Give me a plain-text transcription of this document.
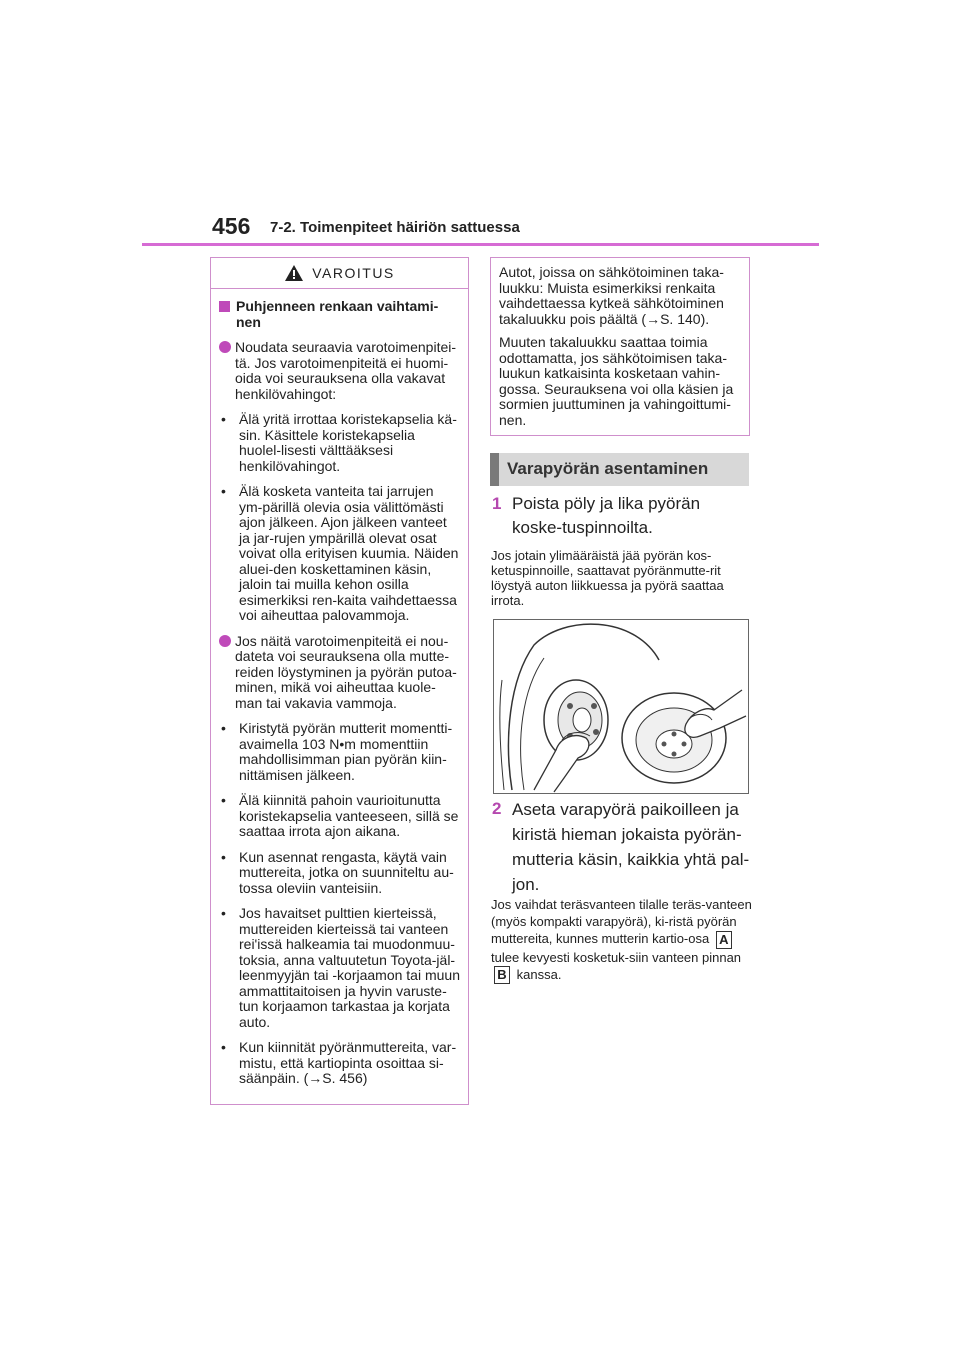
456 7-2. Toimenpiteet häiriön sattuessa
VAROITUS
Puhjenneen renkaan vaihtami-nen
Noudata seuraavia varotoimenpitei-tä. Jos varotoimenpiteitä ei huomi-oida voi seurauksena olla vakavat henkilövahingot:
• Älä yritä irrottaa koristekapselia kä-sin. Käsittele koristekapselia huolel-lisesti välttääksesi henkilövahingot.
• Älä kosketa vanteita tai jarrujen ym-pärillä olevia osia välittömästi ajon jälkeen. Ajon jälkeen vanteet ja jar-rujen ympärillä olevat osat voivat olla erityisen kuumia. Näiden aluei-den koskettaminen käsin, jaloin tai muilla kehon osilla esimerkiksi ren-kaita vaihdettaessa voi aiheuttaa palovammoja.
Jos näitä varotoimenpiteitä ei nou-dateta voi seurauksena olla mutte-reiden löystyminen ja pyörän putoa-minen, mikä voi aiheuttaa kuole-man tai vakavia vammoja.
• Kiristytä pyörän mutterit momentti-avaimella 103 N•m momenttiin mahdollisimman pian pyörän kiin-nittämisen jälkeen.
• Älä kiinnitä pahoin vaurioitunutta koristekapselia vanteeseen, sillä se saattaa irrota ajon aikana.
• Kun asennat rengasta, käytä vain muttereita, jotka on suunniteltu au-tossa oleviin vanteisiin.
• Jos havaitset pulttien kierteissä, muttereiden kierteissä tai vanteen rei'issä halkeamia tai muodonmuu-toksia, anna valtuutetun Toyota-jäl-leenmyyjän tai -korjaamon tai muun ammattitaitoisen ja hyvin varuste-tun korjaamon tarkastaa ja korjata auto.
• Kun kiinnität pyöränmuttereita, var-mistu, että kartiopinta osoittaa si-säänpäin. (→S. 456)

Autot, joissa on sähkötoiminen taka-luukku: Muista esimerkiksi renkaita vaihdettaessa kytkeä sähkötoiminen takaluukku pois päältä (→S. 140).

Muuten takaluukku saattaa toimia odottamatta, jos sähkötoimisen taka-luukun katkaisinta kosketaan vahin-gossa. Seurauksena voi olla käsien ja sormien juuttuminen ja vahingoittumi-nen.

Varapyörän asentaminen
1 Poista pöly ja lika pyörän koske-tuspinnoilta.
Jos jotain ylimääräistä jää pyörän kos-ketuspinnoille, saattavat pyöränmutte-rit löystyä auton liikkuessa ja pyörä saattaa irrota.
2 Aseta varapyörä paikoilleen ja kiristä hieman jokaista pyörän-mutteria käsin, kaikkia yhtä pal-jon.
Jos vaihdat teräsvanteen tilalle teräs-vanteen (myös kompakti varapyörä), ki-ristä pyörän muttereita, kunnes mutterin kartio-osa A tulee kevyesti kosketuk-siin vanteen pinnan B kanssa.
